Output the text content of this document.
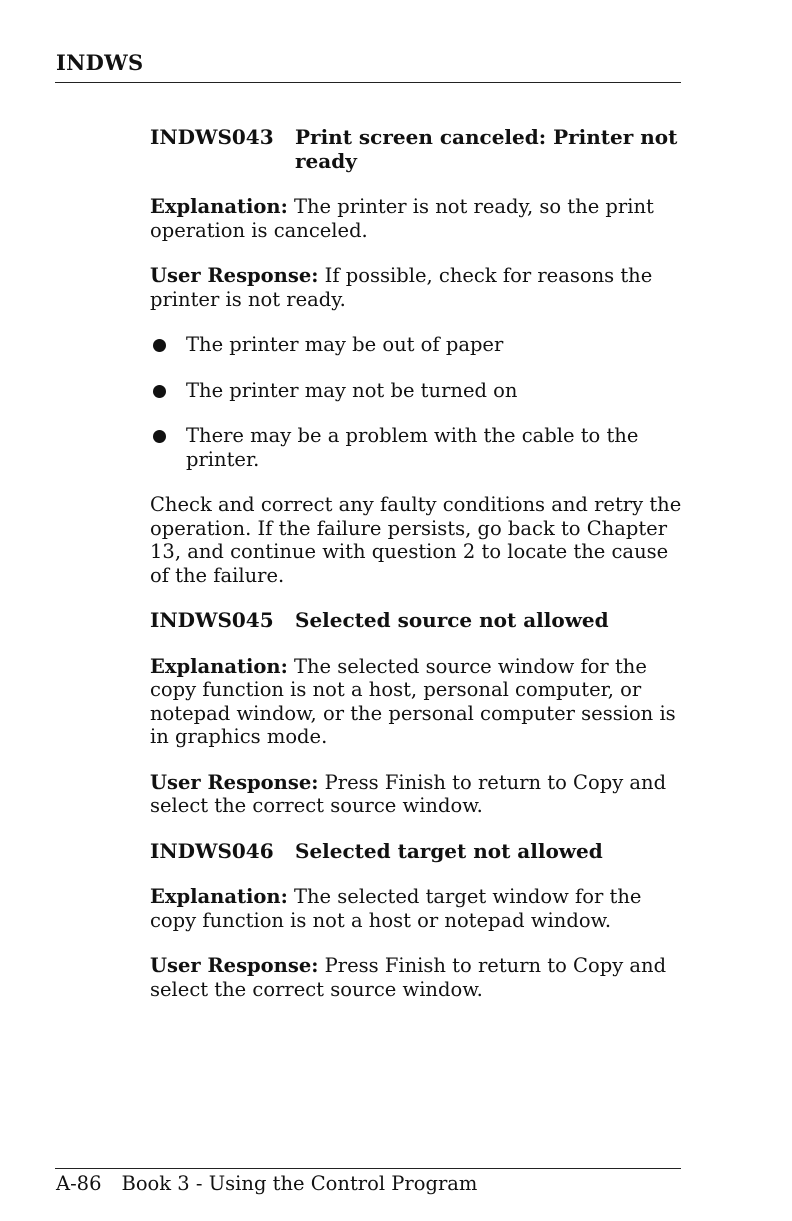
INDWS
INDWS043	Print screen canceled: Printer not ready

Explanation: The printer is not ready, so the print operation is canceled.

User Response: If possible, check for reasons the printer is not ready.

The printer may be out of paper
The printer may not be turned on
There may be a problem with the cable to the printer.

Check and correct any faulty conditions and retry the operation. If the failure persists, go back to Chapter 13, and continue with question 2 to locate the cause of the failure.

INDWS045	Selected source not allowed

Explanation: The selected source window for the copy function is not a host, personal computer, or notepad window, or the personal computer session is in graphics mode.

User Response: Press Finish to return to Copy and select the correct source window.

INDWS046	Selected target not allowed

Explanation: The selected target window for the copy function is not a host or notepad window.

User Response: Press Finish to return to Copy and select the correct source window.

A-86 Book 3 - Using the Control Program
